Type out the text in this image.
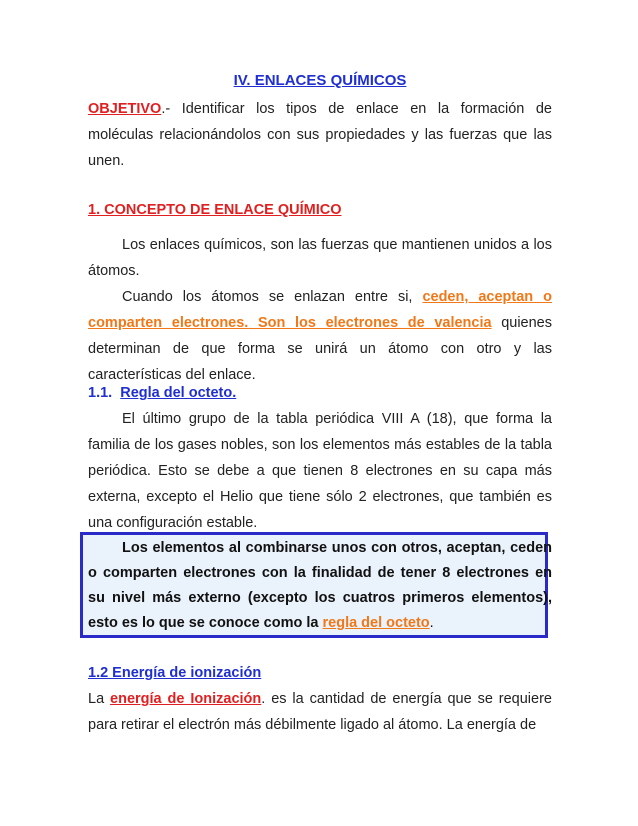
IV. ENLACES QUÍMICOS

OBJETIVO.- Identificar los tipos de enlace en la formación de moléculas relacionándolos con sus propiedades y las fuerzas que las unen.

1. CONCEPTO DE ENLACE QUÍMICO

Los enlaces químicos, son las fuerzas que mantienen unidos a los átomos.

Cuando los átomos se enlazan entre si, ceden, aceptan o comparten electrones. Son los electrones de valencia quienes determinan de que forma se unirá un átomo con otro y las características del enlace.

1.1. Regla del octeto.

El último grupo de la tabla periódica VIII A (18), que forma la familia de los gases nobles, son los elementos más estables de la tabla periódica. Esto se debe a que tienen 8 electrones en su capa más externa, excepto el Helio que tiene sólo 2 electrones, que también es una configuración estable.

Los elementos al combinarse unos con otros, aceptan, ceden o comparten electrones con la finalidad de tener 8 electrones en su nivel más externo (excepto los cuatros primeros elementos), esto es lo que se conoce como la regla del octeto.

1.2 Energía de ionización

La energía de Ionización. es la cantidad de energía que se requiere para retirar el electrón más débilmente ligado al átomo. La energía de
